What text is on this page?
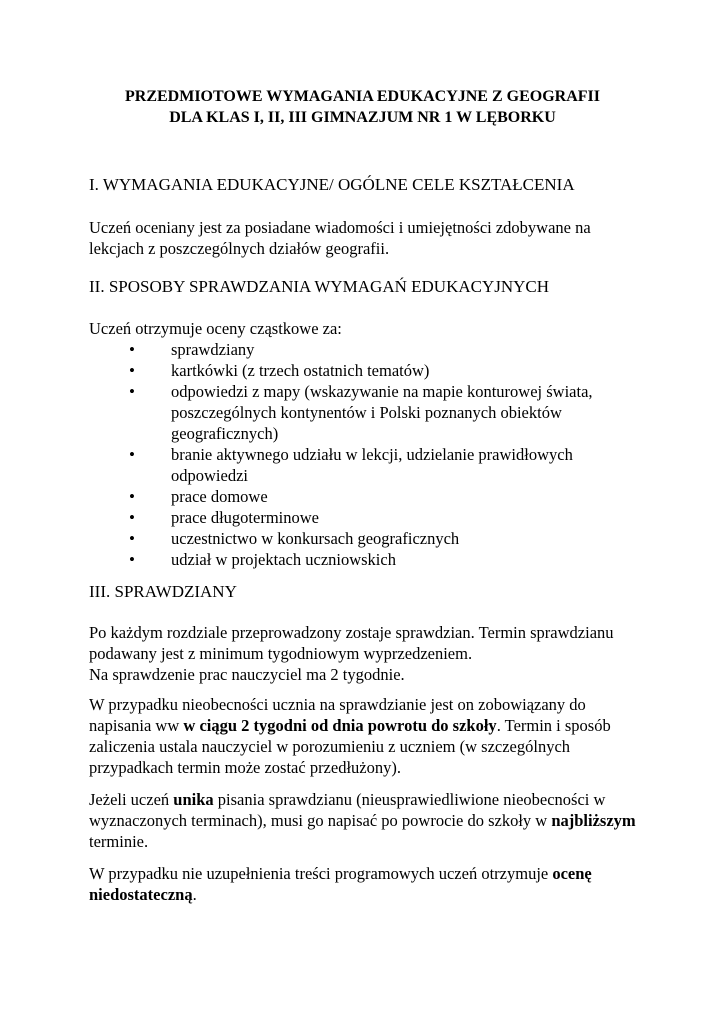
PRZEDMIOTOWE WYMAGANIA EDUKACYJNE Z GEOGRAFII
DLA KLAS I, II, III GIMNAZJUM NR 1 W LĘBORKU
I. WYMAGANIA EDUKACYJNE/ OGÓLNE CELE KSZTAŁCENIA

Uczeń oceniany jest za posiadane wiadomości i umiejętności zdobywane na lekcjach z poszczególnych działów geografii.

II. SPOSOBY SPRAWDZANIA WYMAGAŃ EDUKACYJNYCH

Uczeń otrzymuje oceny cząstkowe za:

• sprawdziany
• kartkówki (z trzech ostatnich tematów)
• odpowiedzi z mapy (wskazywanie na mapie konturowej świata, poszczególnych kontynentów i Polski poznanych obiektów geograficznych)
• branie aktywnego udziału w lekcji, udzielanie prawidłowych odpowiedzi
• prace domowe
• prace długoterminowe
• uczestnictwo w konkursach geograficznych
• udział w projektach uczniowskich
III. SPRAWDZIANY

Po każdym rozdziale przeprowadzony zostaje sprawdzian. Termin sprawdzianu podawany jest z minimum tygodniowym wyprzedzeniem.

Na sprawdzenie prac nauczyciel ma 2 tygodnie.

W przypadku nieobecności ucznia na sprawdzianie jest on zobowiązany do napisania ww w ciągu 2 tygodni od dnia powrotu do szkoły. Termin i sposób zaliczenia ustala nauczyciel w porozumieniu z uczniem (w szczególnych przypadkach termin może zostać przedłużony).

Jeżeli uczeń unika pisania sprawdzianu (nieusprawiedliwione nieobecności w wyznaczonych terminach), musi go napisać po powrocie do szkoły w najbliższym terminie.

W przypadku nie uzupełnienia treści programowych uczeń otrzymuje ocenę niedostateczną.
